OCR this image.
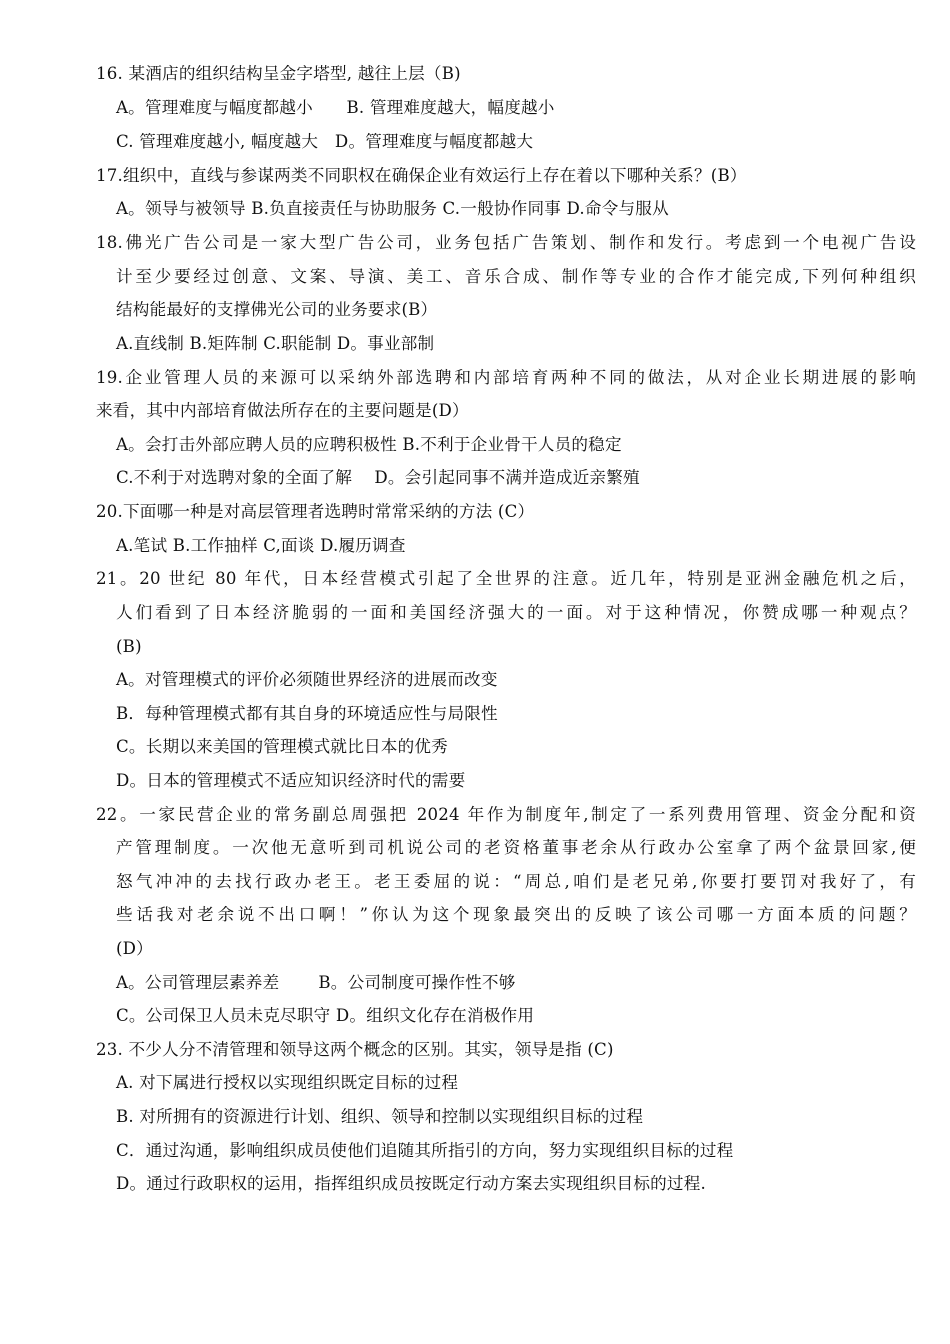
16. 某酒店的组织结构呈金字塔型, 越往上层（B)
A。管理难度与幅度都越小　　B. 管理难度越大，幅度越小
C. 管理难度越小, 幅度越大　D。管理难度与幅度都越大
17.组织中，直线与参谋两类不同职权在确保企业有效运行上存在着以下哪种关系？(B）
A。领导与被领导 B.负直接责任与协助服务 C.一般协作同事 D.命令与服从
18.佛光广告公司是一家大型广告公司，业务包括广告策划、制作和发行。考虑到一个电视广告设
计至少要经过创意、文案、导演、美工、音乐合成、制作等专业的合作才能完成,下列何种组织
结构能最好的支撑佛光公司的业务要求(B）
A.直线制 B.矩阵制 C.职能制 D。事业部制
19.企业管理人员的来源可以采纳外部选聘和内部培育两种不同的做法，从对企业长期进展的影响
来看，其中内部培育做法所存在的主要问题是(D）
A。会打击外部应聘人员的应聘积极性 B.不利于企业骨干人员的稳定
C.不利于对选聘对象的全面了解　 D。会引起同事不满并造成近亲繁殖
20.下面哪一种是对高层管理者选聘时常常采纳的方法 (C）
A.笔试 B.工作抽样 C,面谈 D.履历调查
21。20 世纪 80 年代，日本经营模式引起了全世界的注意。近几年，特别是亚洲金融危机之后，
人们看到了日本经济脆弱的一面和美国经济强大的一面。对于这种情况，你赞成哪一种观点？
(B)
A。对管理模式的评价必须随世界经济的进展而改变
B．每种管理模式都有其自身的环境适应性与局限性
C。长期以来美国的管理模式就比日本的优秀
D。日本的管理模式不适应知识经济时代的需要
22。一家民营企业的常务副总周强把 2024 年作为制度年,制定了一系列费用管理、资金分配和资
产管理制度。一次他无意听到司机说公司的老资格董事老余从行政办公室拿了两个盆景回家,便
怒气冲冲的去找行政办老王。老王委屈的说：“周总,咱们是老兄弟,你要打要罚对我好了，有
些话我对老余说不出口啊！”你认为这个现象最突出的反映了该公司哪一方面本质的问题？
(D）
A。公司管理层素养差　　 B。公司制度可操作性不够
C。公司保卫人员未克尽职守 D。组织文化存在消极作用
23. 不少人分不清管理和领导这两个概念的区别。其实，领导是指 (C)
A. 对下属进行授权以实现组织既定目标的过程
B. 对所拥有的资源进行计划、组织、领导和控制以实现组织目标的过程
C．通过沟通，影响组织成员使他们追随其所指引的方向，努力实现组织目标的过程
D。通过行政职权的运用，指挥组织成员按既定行动方案去实现组织目标的过程.
